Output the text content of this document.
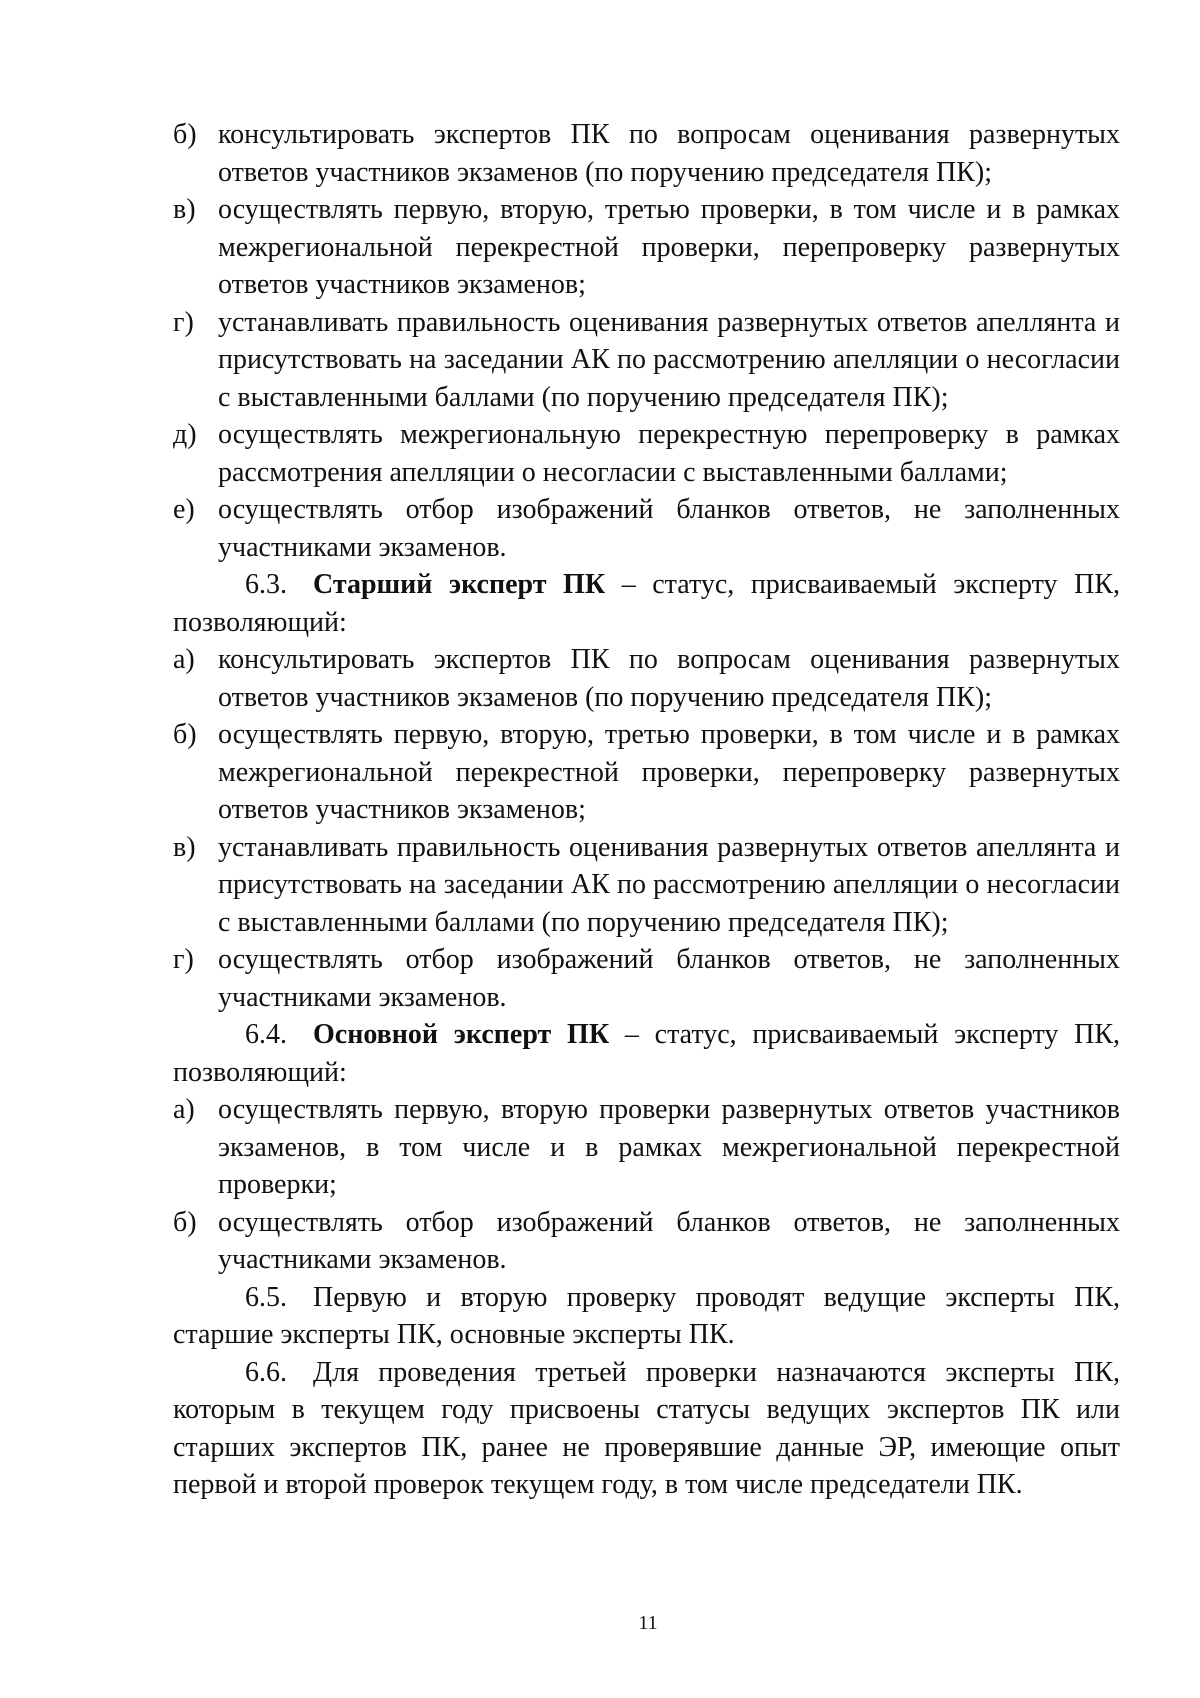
б) консультировать экспертов ПК по вопросам оценивания развернутых ответов участников экзаменов (по поручению председателя ПК);
в) осуществлять первую, вторую, третью проверки, в том числе и в рамках межрегиональной перекрестной проверки, перепроверку развернутых ответов участников экзаменов;
г) устанавливать правильность оценивания развернутых ответов апеллянта и присутствовать на заседании АК по рассмотрению апелляции о несогласии с выставленными баллами (по поручению председателя ПК);
д) осуществлять межрегиональную перекрестную перепроверку в рамках рассмотрения апелляции о несогласии с выставленными баллами;
е) осуществлять отбор изображений бланков ответов, не заполненных участниками экзаменов.

6.3. Старший эксперт ПК – статус, присваиваемый эксперту ПК, позволяющий:

а) консультировать экспертов ПК по вопросам оценивания развернутых ответов участников экзаменов (по поручению председателя ПК);
б) осуществлять первую, вторую, третью проверки, в том числе и в рамках межрегиональной перекрестной проверки, перепроверку развернутых ответов участников экзаменов;
в) устанавливать правильность оценивания развернутых ответов апеллянта и присутствовать на заседании АК по рассмотрению апелляции о несогласии с выставленными баллами (по поручению председателя ПК);
г) осуществлять отбор изображений бланков ответов, не заполненных участниками экзаменов.

6.4. Основной эксперт ПК – статус, присваиваемый эксперту ПК, позволяющий:

а) осуществлять первую, вторую проверки развернутых ответов участников экзаменов, в том числе и в рамках межрегиональной перекрестной проверки;
б) осуществлять отбор изображений бланков ответов, не заполненных участниками экзаменов.

6.5. Первую и вторую проверку проводят ведущие эксперты ПК, старшие эксперты ПК, основные эксперты ПК.

6.6. Для проведения третьей проверки назначаются эксперты ПК, которым в текущем году присвоены статусы ведущих экспертов ПК или старших экспертов ПК, ранее не проверявшие данные ЭР, имеющие опыт первой и второй проверок текущем году, в том числе председатели ПК.

11
